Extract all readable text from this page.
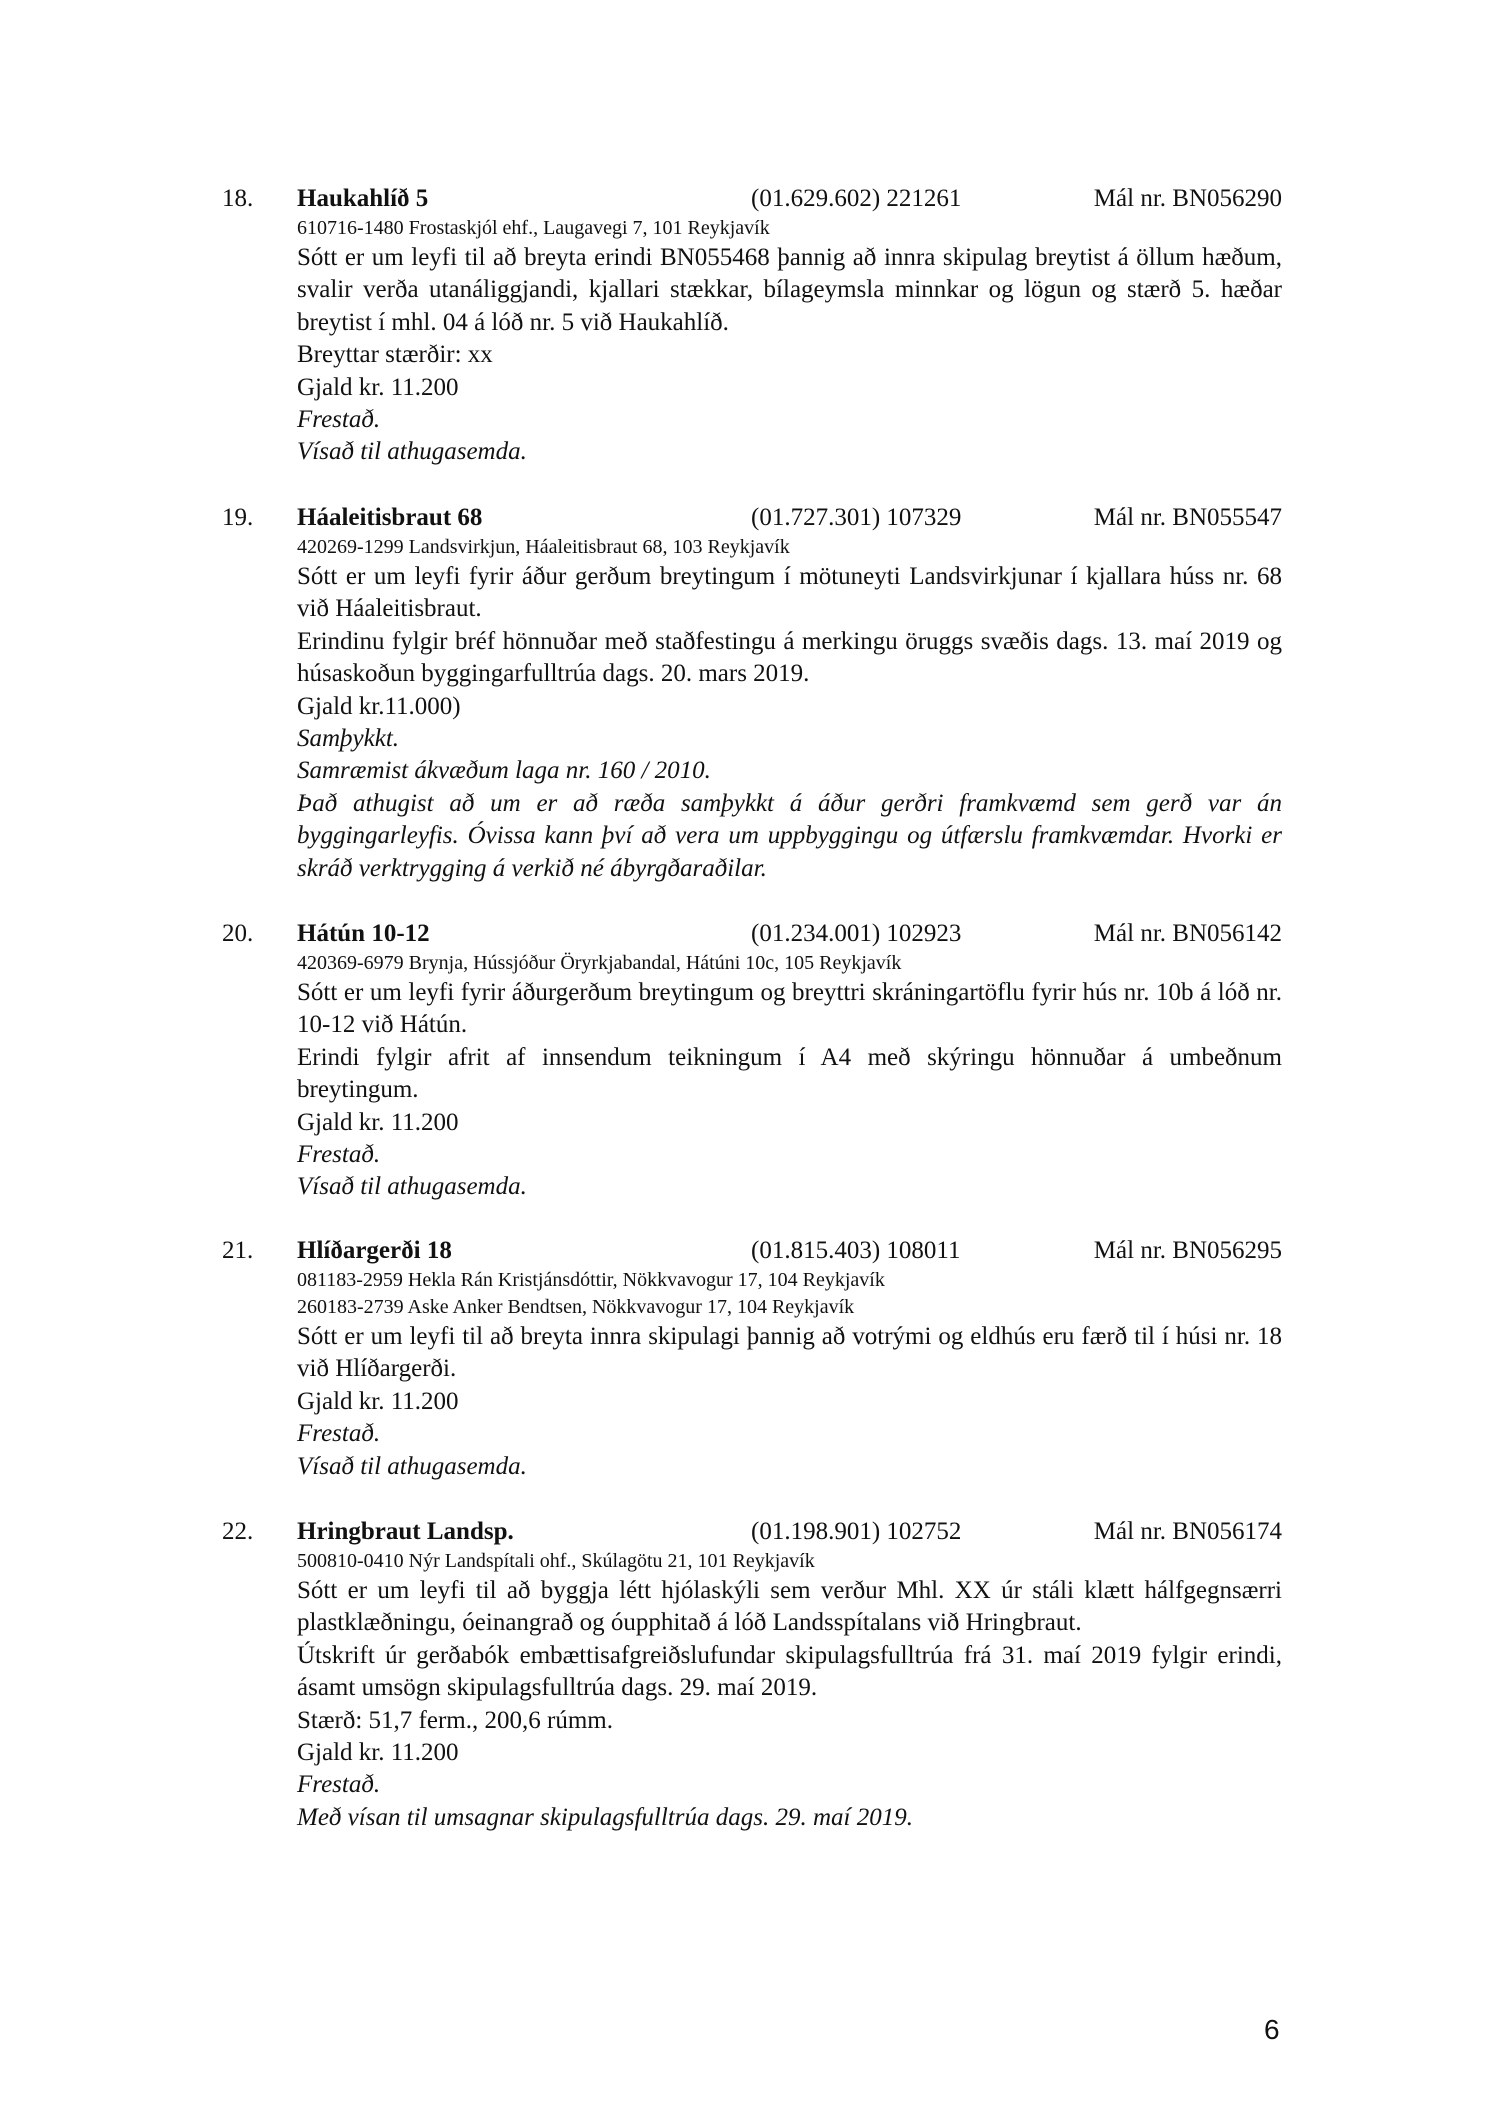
18. Haukahlíð 5	(01.629.602) 221261	Mál nr. BN056290
610716-1480 Frostaskjól ehf., Laugavegi 7, 101 Reykjavík
Sótt er um leyfi til að breyta erindi BN055468 þannig að innra skipulag breytist á öllum hæðum, svalir verða utanáliggjandi, kjallari stækkar, bílageymsla minnkar og lögun og stærð 5. hæðar breytist í mhl. 04 á lóð nr. 5 við Haukahlíð.
Breyttar stærðir: xx
Gjald kr. 11.200
Frestað.
Vísað til athugasemda.
19. Háaleitisbraut 68	(01.727.301) 107329	Mál nr. BN055547
420269-1299 Landsvirkjun, Háaleitisbraut 68, 103 Reykjavík
Sótt er um leyfi fyrir áður gerðum breytingum í mötuneyti Landsvirkjunar í kjallara húss nr. 68 við Háaleitisbraut.
Erindinu fylgir bréf hönnuðar með staðfestingu á merkingu öruggs svæðis dags. 13. maí 2019 og húsaskoðun byggingarfulltrúa dags. 20. mars 2019.
Gjald kr.11.000)
Samþykkt.
Samræmist ákvæðum laga nr. 160 / 2010.
Það athugist að um er að ræða samþykkt á áður gerðri framkvæmd sem gerð var án byggingarleyfis. Óvissa kann því að vera um uppbyggingu og útfærslu framkvæmdar. Hvorki er skráð verktrygging á verkið né ábyrgðaraðilar.
20. Hátún 10-12	(01.234.001) 102923	Mál nr. BN056142
420369-6979 Brynja, Hússjóður Öryrkjabandal, Hátúni 10c, 105 Reykjavík
Sótt er um leyfi fyrir áðurgerðum breytingum og breyttri skráningartöflu fyrir hús nr. 10b á lóð nr. 10-12 við Hátún.
Erindi fylgir afrit af innsendum teikningum í A4 með skýringu hönnuðar á umbeðnum breytingum.
Gjald kr. 11.200
Frestað.
Vísað til athugasemda.
21. Hlíðargerði 18	(01.815.403) 108011	Mál nr. BN056295
081183-2959 Hekla Rán Kristjánsdóttir, Nökkvavogur 17, 104 Reykjavík
260183-2739 Aske Anker Bendtsen, Nökkvavogur 17, 104 Reykjavík
Sótt er um leyfi til að breyta innra skipulagi þannig að votrými og eldhús eru færð til í húsi nr. 18 við Hlíðargerði.
Gjald kr. 11.200
Frestað.
Vísað til athugasemda.
22. Hringbraut Landsp.	(01.198.901) 102752	Mál nr. BN056174
500810-0410 Nýr Landspítali ohf., Skúlagötu 21, 101 Reykjavík
Sótt er um leyfi til að byggja létt hjólaskýli sem verður Mhl. XX úr stáli klætt hálfgegnsærri plastklæðningu, óeinangrað og óupphitað á lóð Landsspítalans við Hringbraut.
Útskrift úr gerðabók embættisafgreiðslufundar skipulagsfulltrúa frá 31. maí 2019 fylgir erindi, ásamt umsögn skipulagsfulltrúa dags. 29. maí 2019.
Stærð: 51,7 ferm., 200,6 rúmm.
Gjald kr. 11.200
Frestað.
Með vísan til umsagnar skipulagsfulltrúa dags. 29. maí 2019.
6
